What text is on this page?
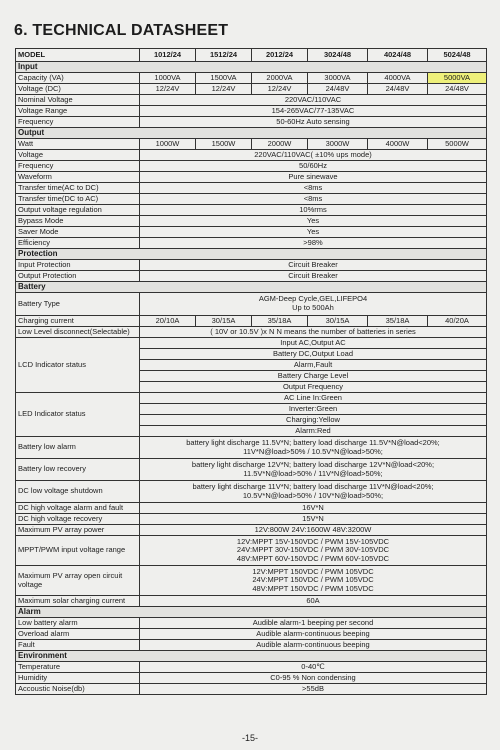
6. TECHNICAL DATASHEET
MODEL	1012/24	1512/24	2012/24	3024/48	4024/48	5024/48
Input						
Capacity (VA)	1000VA	1500VA	2000VA	3000VA	4000VA	5000VA
Voltage (DC)	12/24V	12/24V	12/24V	24/48V	24/48V	24/48V
Nominal Voltage	220VAC/110VAC					
Voltage Range	154-265VAC/77-135VAC					
Frequency	50-60Hz Auto sensing					
Output						
Watt	1000W	1500W	2000W	3000W	4000W	5000W
Voltage	220VAC/110VAC( ±10% ups mode)					
Frequency	50/60Hz					
Waveform	Pure sinewave					
Transfer time(AC to DC)	<8ms					
Transfer time(DC to AC)	<8ms					
Output voltage regulation	10%rms					
Bypass Mode	Yes					
Saver Mode	Yes					
Efficiency	>98%					
Protection						
Input Protection	Circuit Breaker					
Output Protection	Circuit Breaker					
Battery						
Battery Type	AGM-Deep Cycle,GEL,LIFEPO4
Up to 500Ah					

Charging current	20/10A	30/15A	35/18A	30/15A	35/18A	40/20A
Low Level disconnect(Selectable)	( 10V or 10.5V )x N N means the number of batteries in series					
LCD Indicator status	Input AC,Output AC					
	Battery DC,Output Load					
	Alarm,Fault					
	Battery Charge Level					
	Output Frequency					
LED Indicator status	AC Line In:Green					
	Inverter:Green					
	Charging:Yellow					
	Alarm:Red					
Battery low alarm	battery light discharge 11.5V*N; battery load discharge 11.5V*N@load<20%;
11V*N@load>50% / 10.5V*N@load>50%;					

Battery low recovery	battery light discharge 12V*N; battery load discharge 12V*N@load<20%;
11.5V*N@load>50% / 11V*N@load>50%;					

DC low voltage shutdown	battery light discharge 11V*N; battery load discharge 11V*N@load<20%;
10.5V*N@load>50% / 10V*N@load>50%;					

DC high voltage alarm and fault	16V*N					
DC high voltage recovery	15V*N					
Maximum PV array power	12V:800W 24V:1600W 48V:3200W					
MPPT/PWM input voltage range	12V:MPPT 15V-150VDC / PWM 15V-105VDC
24V:MPPT 30V-150VDC / PWM 30V-105VDC
48V:MPPT 60V-150VDC / PWM 60V-105VDC					

Maximum PV array open circuit voltage	12V:MPPT 150VDC / PWM 105VDC
24V:MPPT 150VDC / PWM 105VDC
48V:MPPT 150VDC / PWM 105VDC					

Maximum solar charging current	60A					
Alarm						
Low battery alarm	Audible alarm-1 beeping per second					
Overload alarm	Audible alarm-continuous beeping					
Fault	Audible alarm-continuous beeping					
Environment						
Temperature	0-40℃					
Humidity	C0-95 % Non condensing					
Accoustic Noise(db)	>55dB					
-15-
